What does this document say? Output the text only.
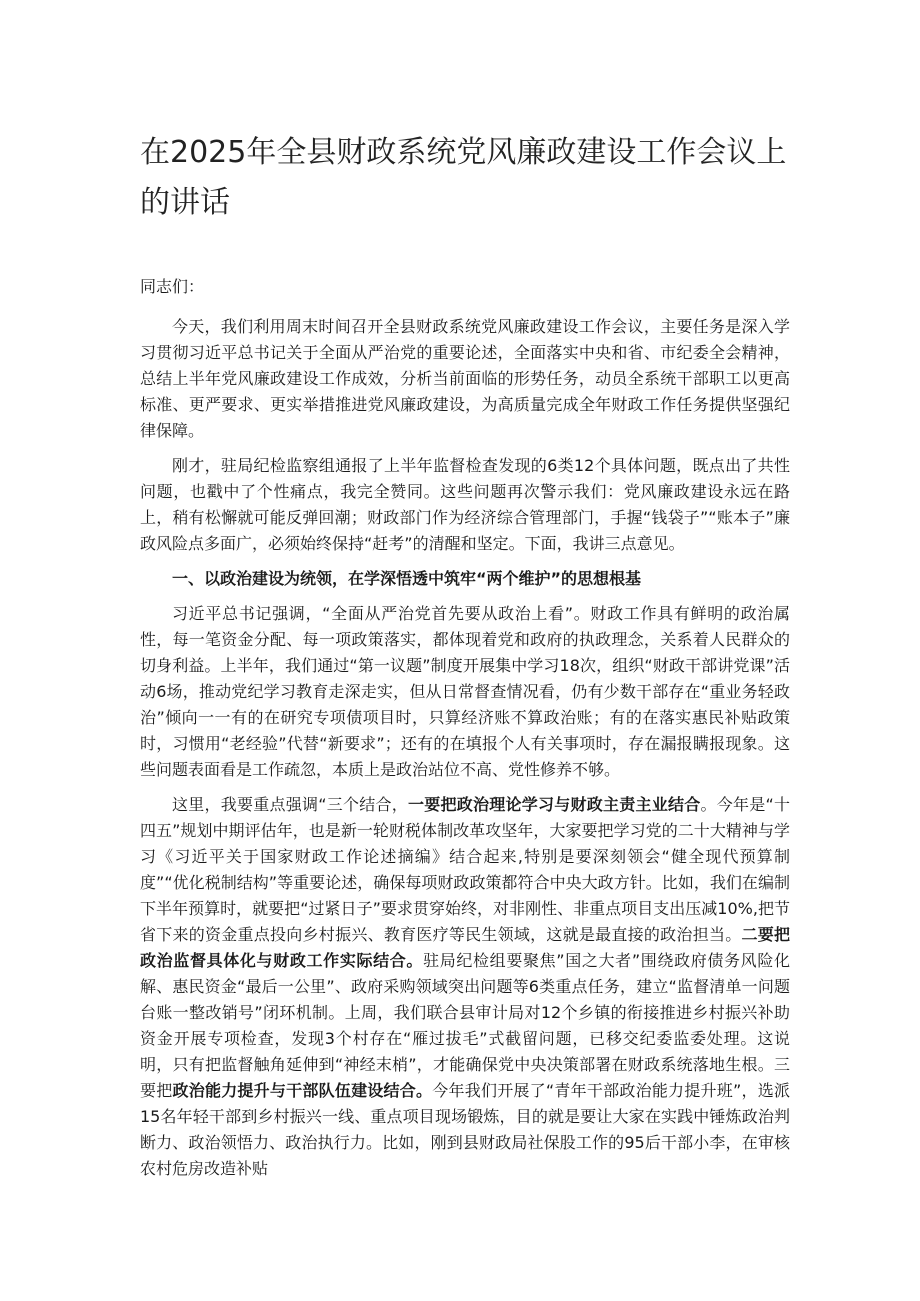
在2025年全县财政系统党风廉政建设工作会议上的讲话

同志们：

今天，我们利用周末时间召开全县财政系统党风廉政建设工作会议，主要任务是深入学习贯彻习近平总书记关于全面从严治党的重要论述，全面落实中央和省、市纪委全会精神，总结上半年党风廉政建设工作成效，分析当前面临的形势任务，动员全系统干部职工以更高标准、更严要求、更实举措推进党风廉政建设，为高质量完成全年财政工作任务提供坚强纪律保障。

刚才，驻局纪检监察组通报了上半年监督检查发现的6类12个具体问题，既点出了共性问题，也戳中了个性痛点，我完全赞同。这些问题再次警示我们：党风廉政建设永远在路上，稍有松懈就可能反弹回潮；财政部门作为经济综合管理部门，手握“钱袋子”“账本子”廉政风险点多面广，必须始终保持“赶考”的清醒和坚定。下面，我讲三点意见。

一、以政治建设为统领，在学深悟透中筑牢“两个维护”的思想根基

习近平总书记强调，“全面从严治党首先要从政治上看”。财政工作具有鲜明的政治属性，每一笔资金分配、每一项政策落实，都体现着党和政府的执政理念，关系着人民群众的切身利益。上半年，我们通过“第一议题”制度开展集中学习18次，组织“财政干部讲党课”活动6场，推动党纪学习教育走深走实，但从日常督查情况看，仍有少数干部存在“重业务轻政治”倾向一一有的在研究专项债项目时，只算经济账不算政治账；有的在落实惠民补贴政策时，习惯用“老经验”代替“新要求”；还有的在填报个人有关事项时，存在漏报瞒报现象。这些问题表面看是工作疏忽，本质上是政治站位不高、党性修养不够。

这里，我要重点强调“三个结合，一要把政治理论学习与财政主责主业结合。今年是“十四五”规划中期评估年，也是新一轮财税体制改革攻坚年，大家要把学习党的二十大精神与学习《习近平关于国家财政工作论述摘编》结合起来,特别是要深刻领会“健全现代预算制度”“优化税制结构”等重要论述，确保每项财政政策都符合中央大政方针。比如，我们在编制下半年预算时，就要把“过紧日子”要求贯穿始终，对非刚性、非重点项目支出压减10%,把节省下来的资金重点投向乡村振兴、教育医疗等民生领域，这就是最直接的政治担当。二要把政治监督具体化与财政工作实际结合。驻局纪检组要聚焦”国之大者”围绕政府债务风险化解、惠民资金“最后一公里”、政府采购领域突出问题等6类重点任务，建立“监督清单一问题台账一整改销号”闭环机制。上周，我们联合县审计局对12个乡镇的衔接推进乡村振兴补助资金开展专项检查，发现3个村存在“雁过拔毛”式截留问题，已移交纪委监委处理。这说明，只有把监督触角延伸到“神经末梢”，才能确保党中央决策部署在财政系统落地生根。三要把政治能力提升与干部队伍建设结合。今年我们开展了“青年干部政治能力提升班”，选派15名年轻干部到乡村振兴一线、重点项目现场锻炼，目的就是要让大家在实践中锤炼政治判断力、政治领悟力、政治执行力。比如，刚到县财政局社保股工作的95后干部小李，在审核农村危房改造补贴
